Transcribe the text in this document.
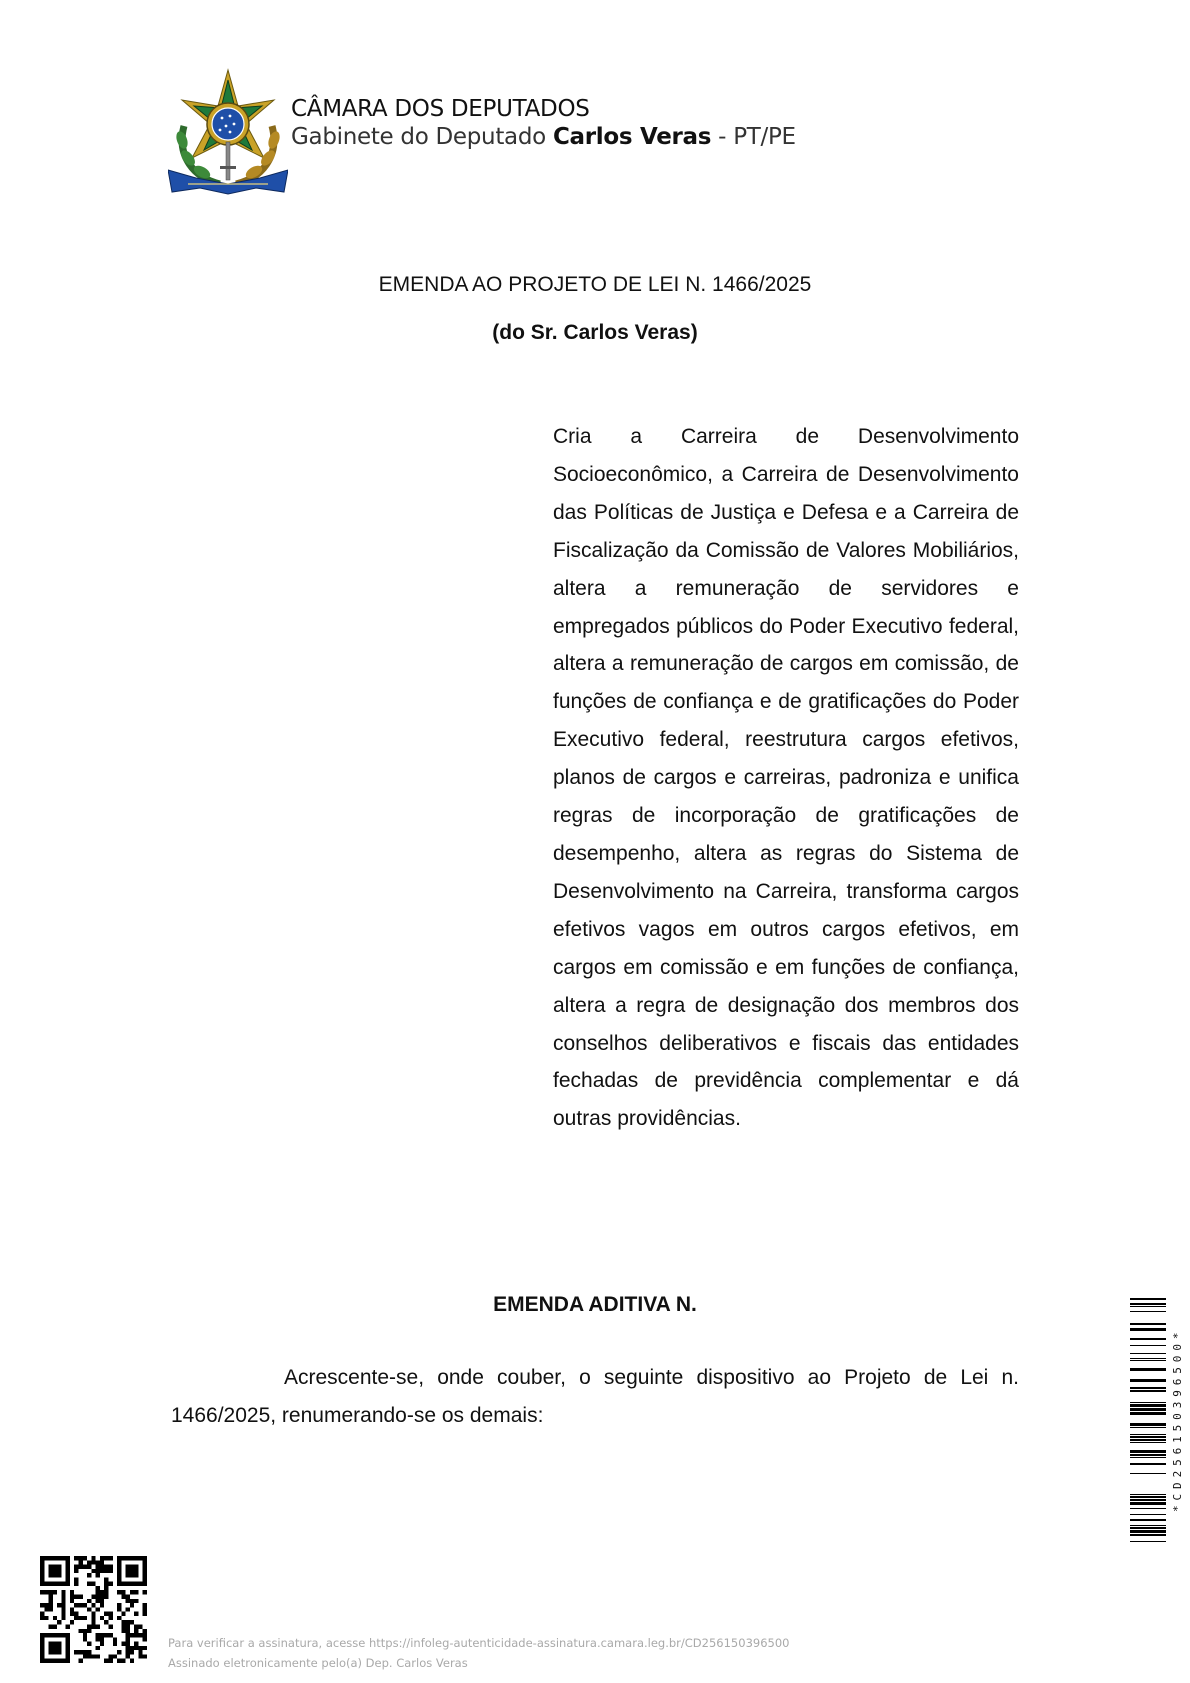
CÂMARA DOS DEPUTADOS
Gabinete do Deputado Carlos Veras - PT/PE
EMENDA AO PROJETO DE LEI N. 1466/2025
(do Sr. Carlos Veras)
Cria a Carreira de Desenvolvimento Socioeconômico, a Carreira de Desenvolvimento das Políticas de Justiça e Defesa e a Carreira de Fiscalização da Comissão de Valores Mobiliários, altera a remuneração de servidores e empregados públicos do Poder Executivo federal, altera a remuneração de cargos em comissão, de funções de confiança e de gratificações do Poder Executivo federal, reestrutura cargos efetivos, planos de cargos e carreiras, padroniza e unifica regras de incorporação de gratificações de desempenho, altera as regras do Sistema de Desenvolvimento na Carreira, transforma cargos efetivos vagos em outros cargos efetivos, em cargos em comissão e em funções de confiança, altera a regra de designação dos membros dos conselhos deliberativos e fiscais das entidades fechadas de previdência complementar e dá outras providências.
EMENDA ADITIVA N.
Acrescente-se, onde couber, o seguinte dispositivo ao Projeto de Lei n. 1466/2025, renumerando-se os demais:	*CD256150396500*
Para verificar a assinatura, acesse https://infoleg-autenticidade-assinatura.camara.leg.br/CD256150396500
Assinado eletronicamente pelo(a) Dep. Carlos Veras
